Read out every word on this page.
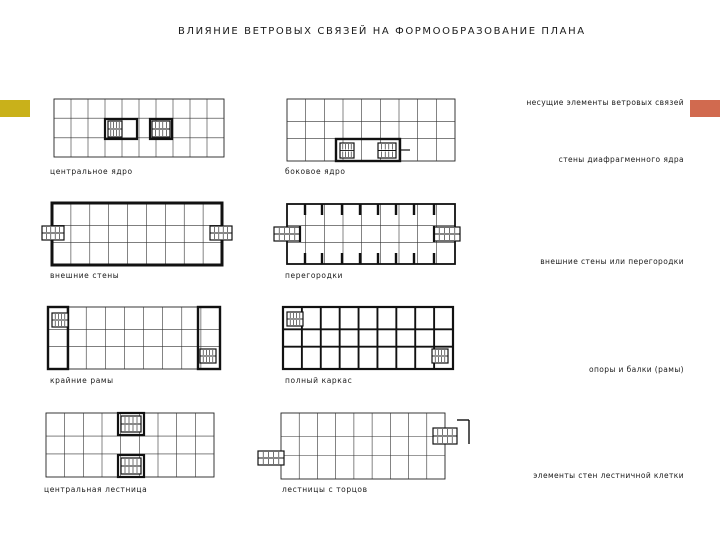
ВЛИЯНИЕ ВЕТРОВЫХ СВЯЗЕЙ НА ФОРМООБРАЗОВАНИЕ ПЛАНА
центральное ядро	боковое ядро
внешние стены	перегородки
крайние рамы	полный каркас
центральная лестница	лестницы с торцов
несущие элементы ветровых связей
стены диафрагменного ядра
внешние стены или перегородки
опоры и балки (рамы)
элементы стен лестничной клетки
